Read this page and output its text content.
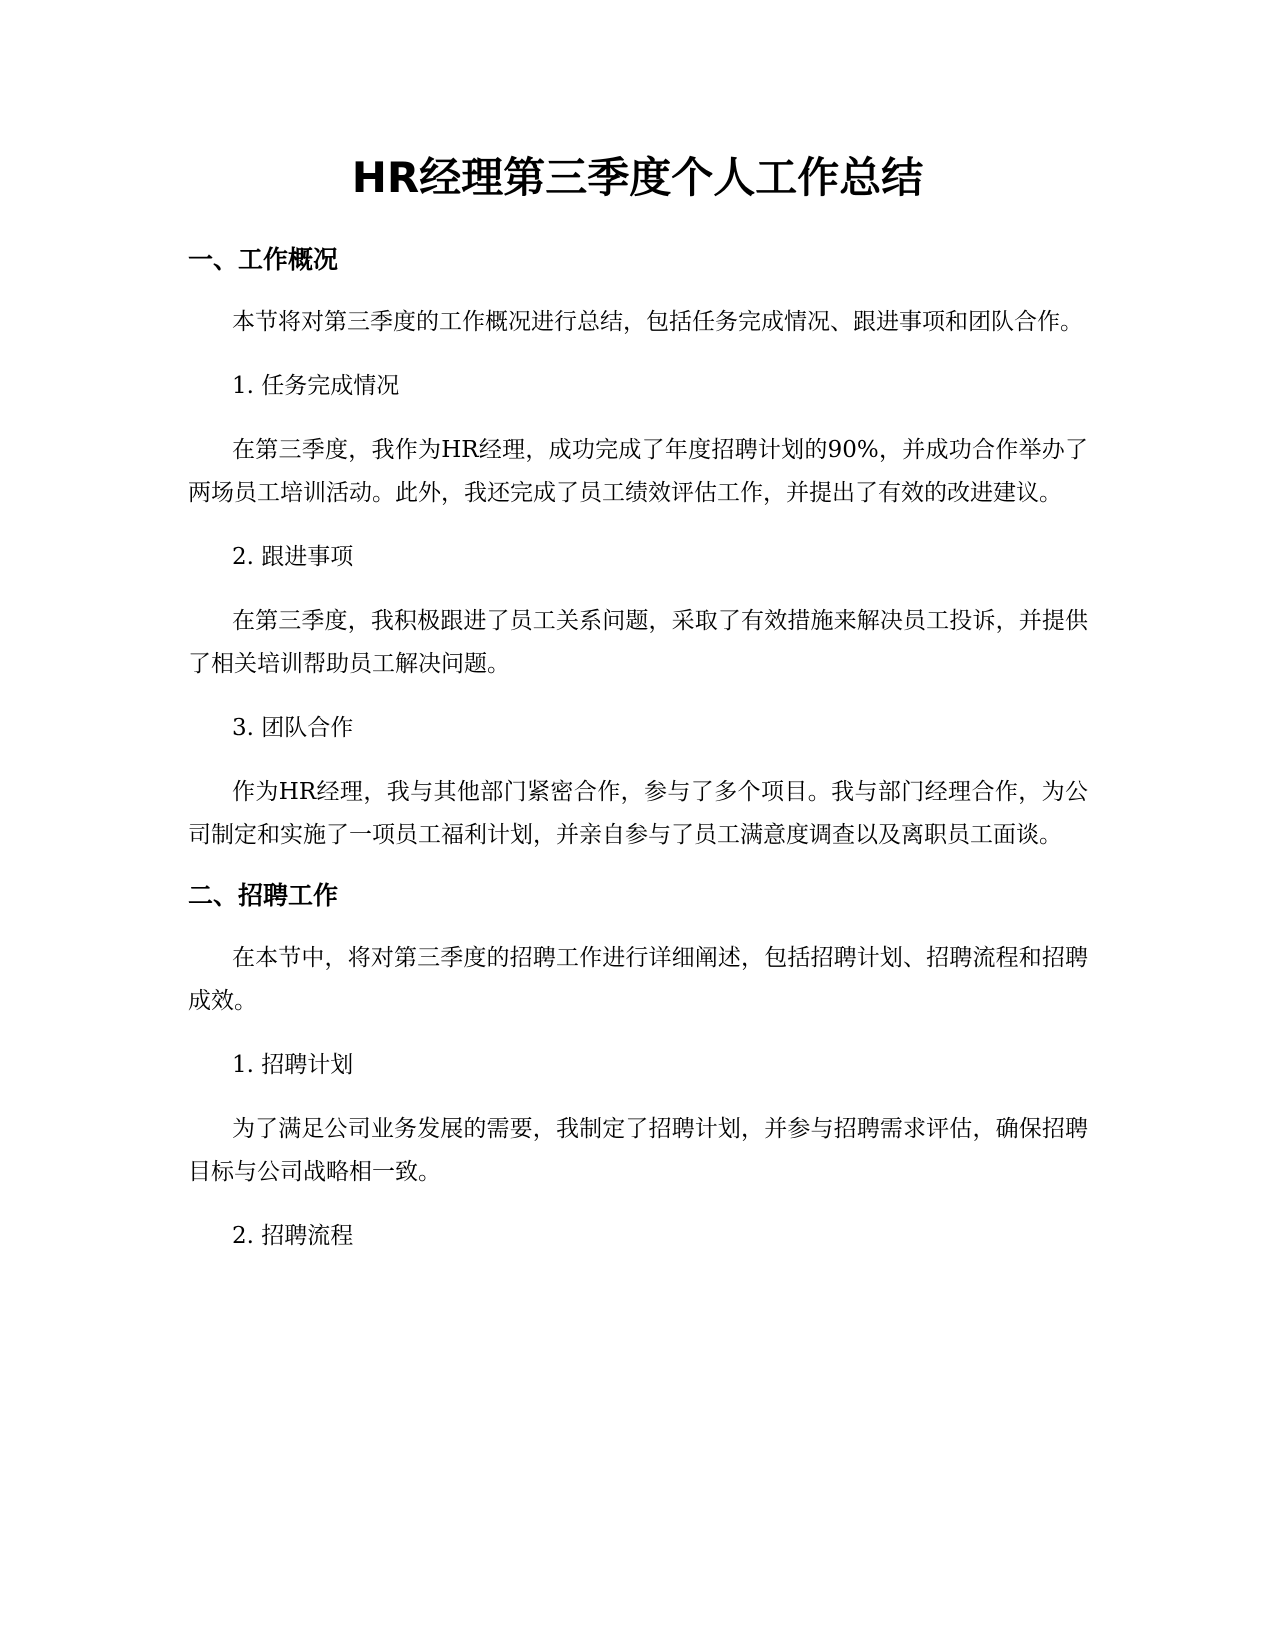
HR经理第三季度个人工作总结
一、工作概况

本节将对第三季度的工作概况进行总结，包括任务完成情况、跟进事项和团队合作。

1. 任务完成情况

在第三季度，我作为HR经理，成功完成了年度招聘计划的90%，并成功合作举办了两场员工培训活动。此外，我还完成了员工绩效评估工作，并提出了有效的改进建议。

2. 跟进事项

在第三季度，我积极跟进了员工关系问题，采取了有效措施来解决员工投诉，并提供了相关培训帮助员工解决问题。

3. 团队合作

作为HR经理，我与其他部门紧密合作，参与了多个项目。我与部门经理合作，为公司制定和实施了一项员工福利计划，并亲自参与了员工满意度调查以及离职员工面谈。

二、招聘工作

在本节中，将对第三季度的招聘工作进行详细阐述，包括招聘计划、招聘流程和招聘成效。

1. 招聘计划

为了满足公司业务发展的需要，我制定了招聘计划，并参与招聘需求评估，确保招聘目标与公司战略相一致。

2. 招聘流程
